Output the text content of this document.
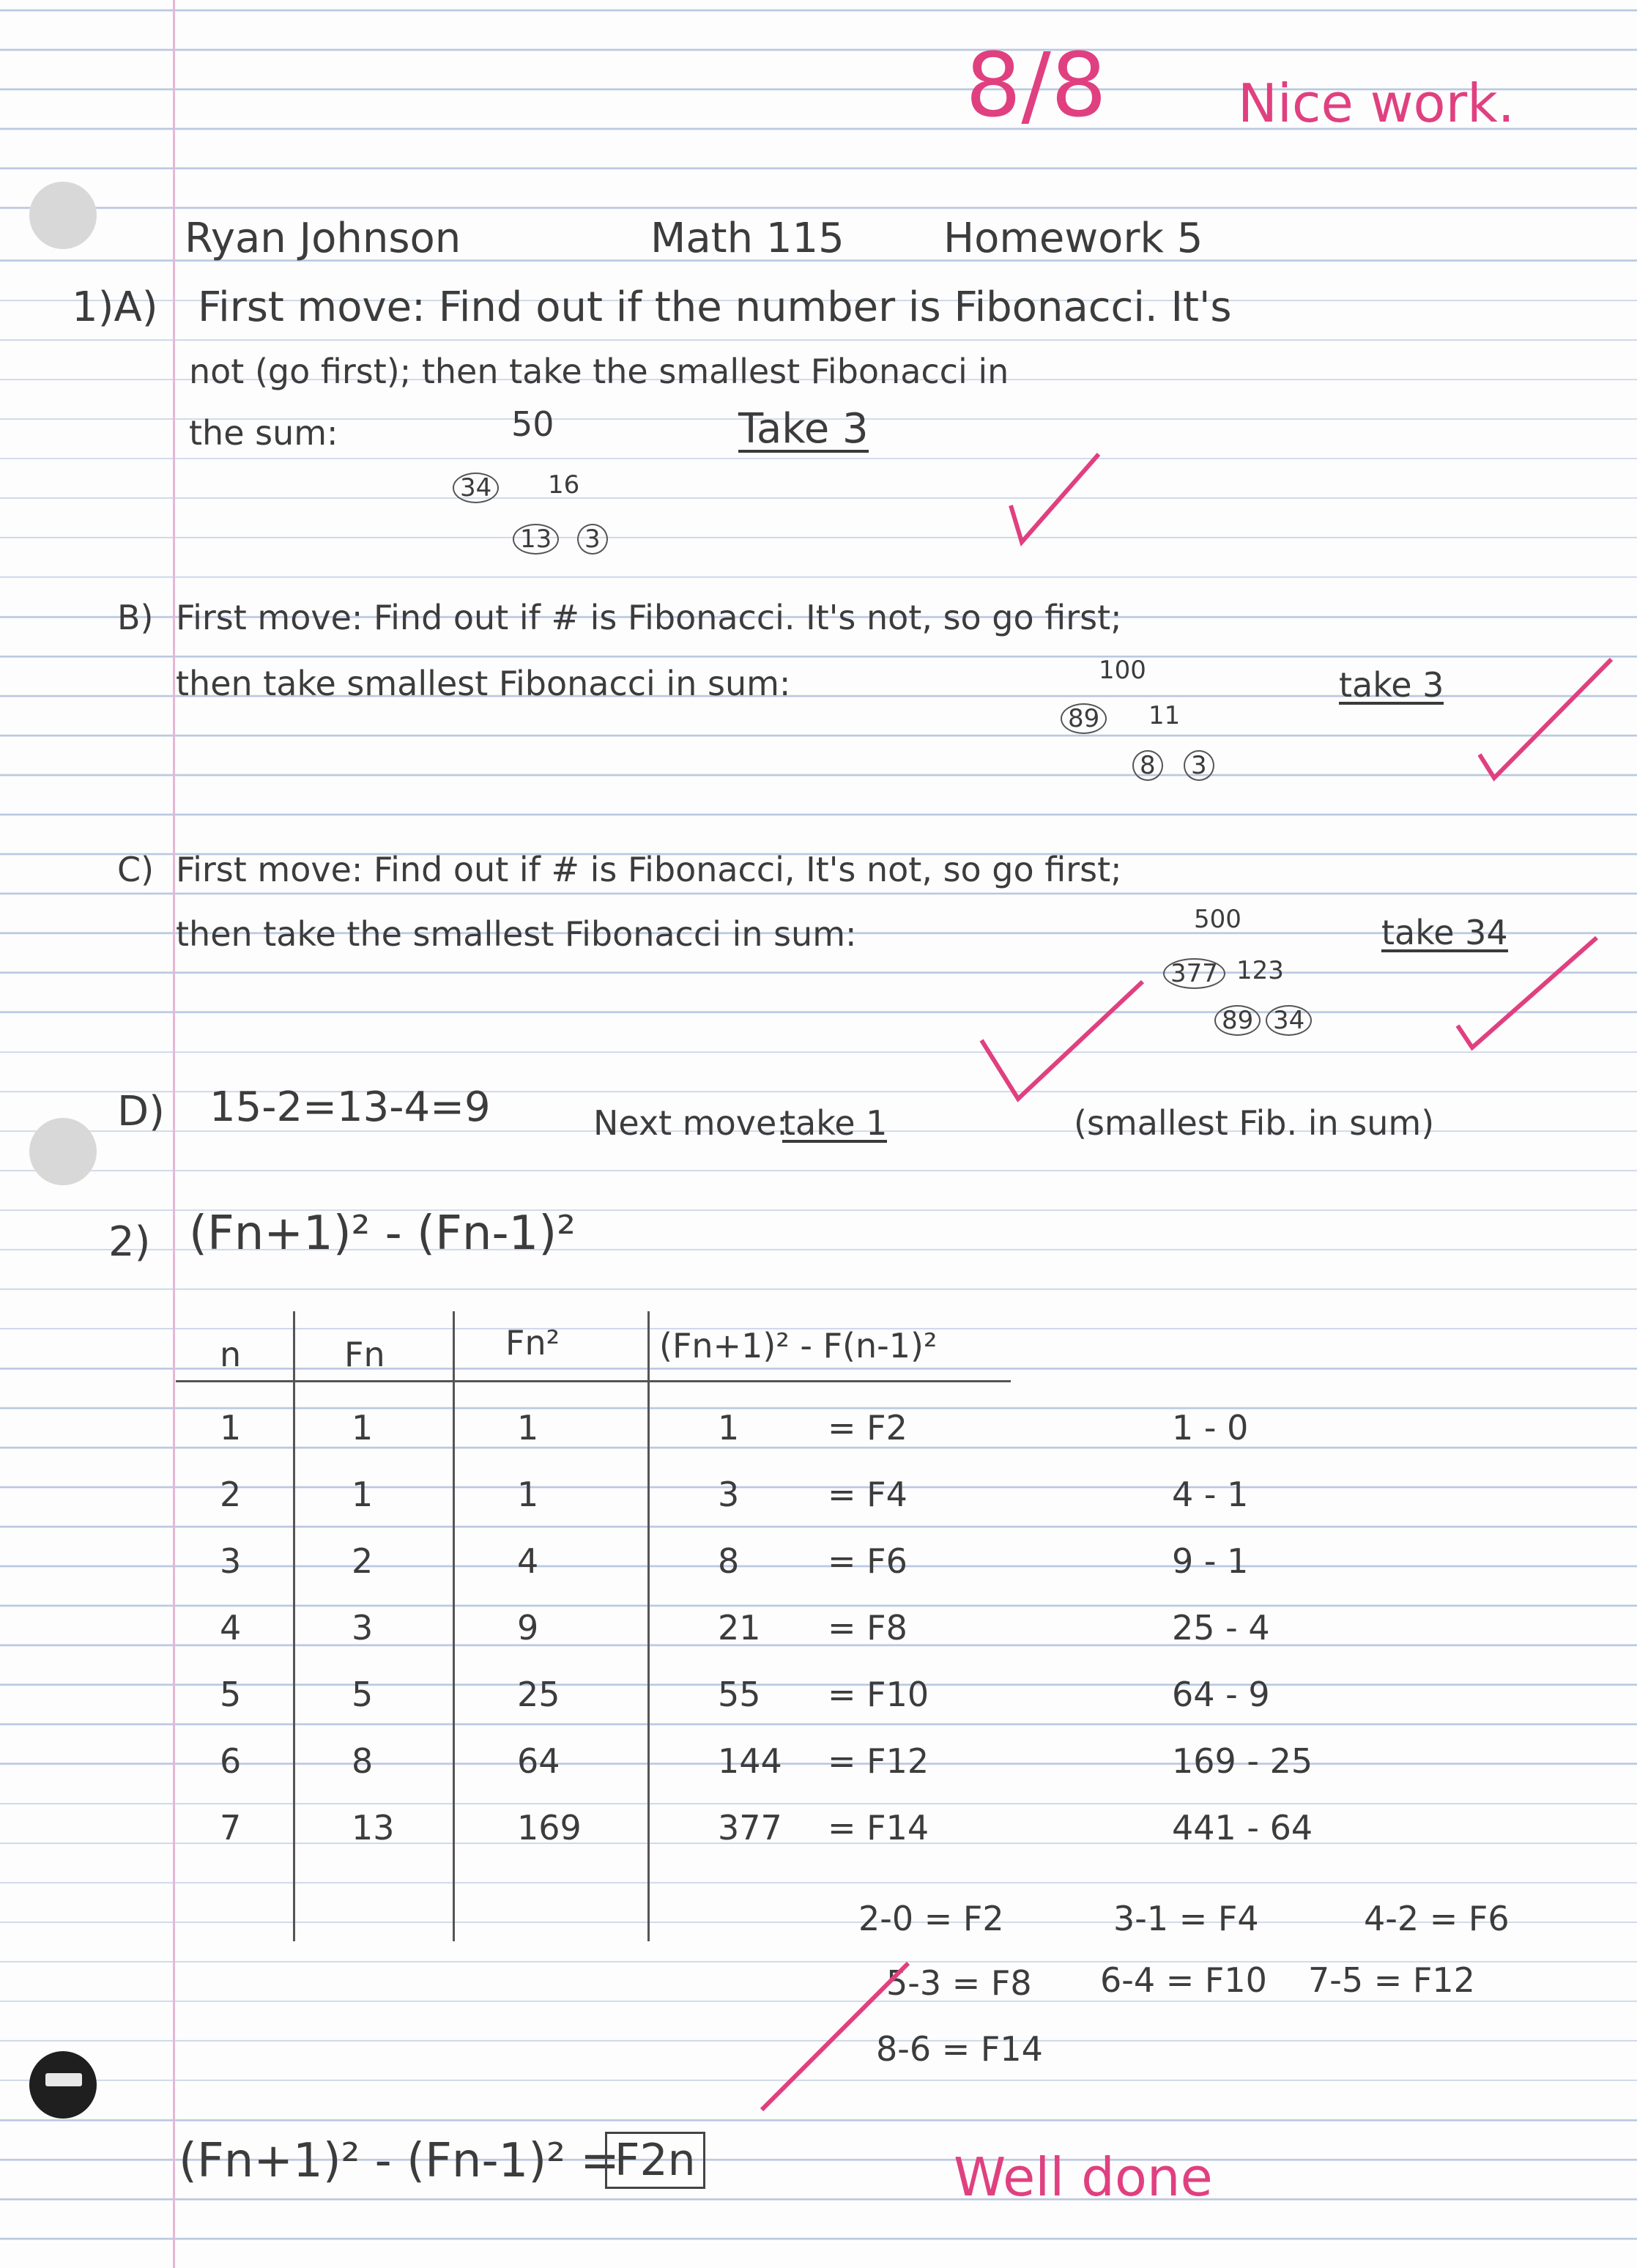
8/8 Nice work.
Ryan Johnson	Math 115 Homework 5
1)A) First move: Find out if the number is Fibonacci. It's
not (go first); then take the smallest Fibonacci in
the sum:	50
34 16
13 3
Take 3
B) First move: Find out if # is Fibonacci. It's not, so go first;
then take smallest Fibonacci in sum:	100
89 11
8 3
take 3
C) First move: Find out if # is Fibonacci, It's not, so go first;
then take the smallest Fibonacci in sum:	500
377 123
89 34
take 34
D) 15-2=13-4=9	Next move:
take 1	(smallest Fib. in sum)
2) (Fn+1)² - (Fn-1)²
n	Fn	Fn²	(Fn+1)² - F(n-1)²
1	1	1	1	= F2	1 - 0
2	1	1	3	= F4	4 - 1
3	2	4	8	= F6	9 - 1
4	3	9	21 = F8	25 - 4
5	5	25	55 = F10	64 - 9
6	8	64	144 = F12	169 - 25
7	13	169	377 = F14	441 - 64
2-0 = F2	3-1 = F4	4-2 = F6
5-3 = F8 6-4 = F10 7-5 = F12
8-6 = F14
(Fn+1)² - (Fn-1)² =
F2n	Well done
